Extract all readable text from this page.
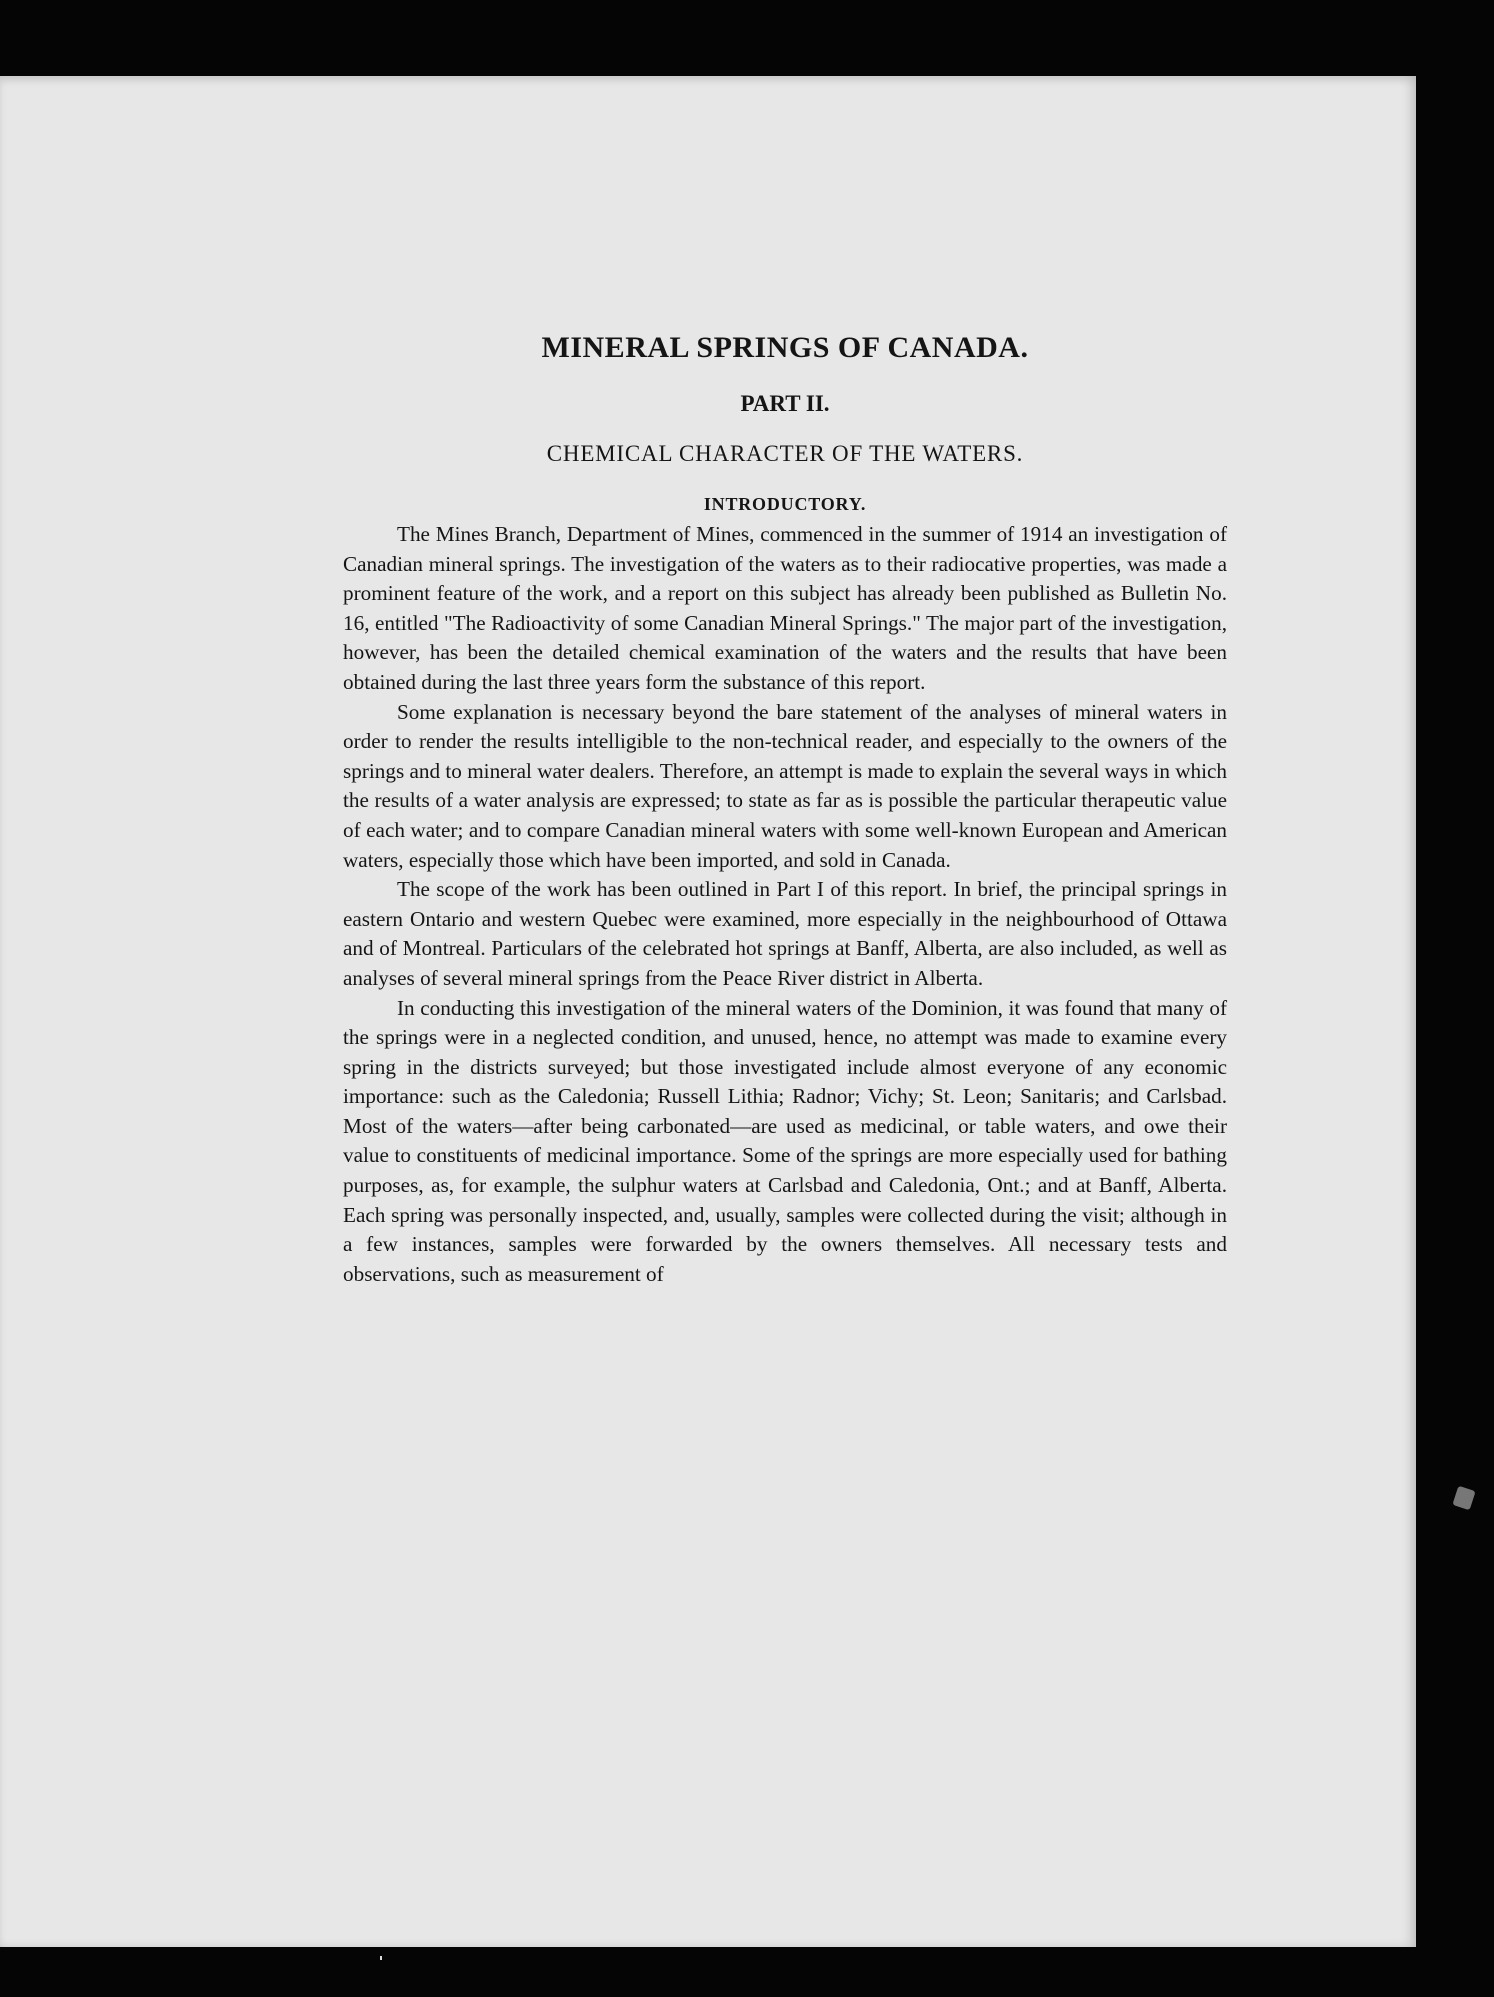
MINERAL SPRINGS OF CANADA.
PART II.
CHEMICAL CHARACTER OF THE WATERS.
INTRODUCTORY.

The Mines Branch, Department of Mines, commenced in the summer of 1914 an investigation of Canadian mineral springs. The investigation of the waters as to their radiocative properties, was made a prominent feature of the work, and a report on this subject has already been published as Bulletin No. 16, entitled "The Radioactivity of some Canadian Mineral Springs." The major part of the investigation, however, has been the detailed chemical examination of the waters and the results that have been obtained during the last three years form the substance of this report.

Some explanation is necessary beyond the bare statement of the analyses of mineral waters in order to render the results intelligible to the non-technical reader, and especially to the owners of the springs and to mineral water dealers. Therefore, an attempt is made to explain the several ways in which the results of a water analysis are expressed; to state as far as is possible the particular therapeutic value of each water; and to compare Canadian mineral waters with some well-known European and American waters, especially those which have been imported, and sold in Canada.

The scope of the work has been outlined in Part I of this report. In brief, the principal springs in eastern Ontario and western Quebec were examined, more especially in the neighbourhood of Ottawa and of Montreal. Particulars of the celebrated hot springs at Banff, Alberta, are also included, as well as analyses of several mineral springs from the Peace River district in Alberta.

In conducting this investigation of the mineral waters of the Dominion, it was found that many of the springs were in a neglected condition, and unused, hence, no attempt was made to examine every spring in the districts surveyed; but those investigated include almost everyone of any economic importance: such as the Caledonia; Russell Lithia; Radnor; Vichy; St. Leon; Sanitaris; and Carlsbad. Most of the waters—after being carbonated—are used as medicinal, or table waters, and owe their value to constituents of medicinal importance. Some of the springs are more especially used for bathing purposes, as, for example, the sulphur waters at Carlsbad and Caledonia, Ont.; and at Banff, Alberta. Each spring was personally inspected, and, usually, samples were collected during the visit; although in a few instances, samples were forwarded by the owners themselves. All necessary tests and observations, such as measurement of
